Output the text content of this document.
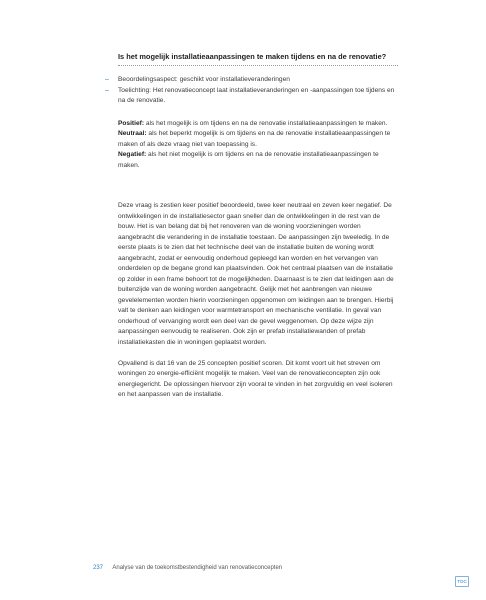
Is het mogelijk installatieaanpassingen te maken tijdens en na de renovatie?
– Beoordelingsaspect: geschikt voor installatieveranderingen
– Toelichting: Het renovatieconcept laat installatieveranderingen en -aanpassingen toe tijdens en na de renovatie.

Positief: als het mogelijk is om tijdens en na de renovatie installatieaanpassingen te maken.

Neutraal: als het beperkt mogelijk is om tijdens en na de renovatie installatieaanpassingen te maken of als deze vraag niet van toepassing is.

Negatief: als het niet mogelijk is om tijdens en na de renovatie installatieaanpassingen te maken.

Deze vraag is zestien keer positief beoordeeld, twee keer neutraal en zeven keer negatief. De ontwikkelingen in de installatiesector gaan sneller dan de ontwikkelingen in de rest van de bouw. Het is van belang dat bij het renoveren van de woning voorzieningen worden aangebracht die verandering in de installatie toestaan. De aanpassingen zijn tweeledig. In de eerste plaats is te zien dat het technische deel van de installatie buiten de woning wordt aangebracht, zodat er eenvoudig onderhoud gepleegd kan worden en het vervangen van onderdelen op de begane grond kan plaatsvinden. Ook het centraal plaatsen van de installatie op zolder in een frame behoort tot de mogelijkheden. Daarnaast is te zien dat leidingen aan de buitenzijde van de woning worden aangebracht. Gelijk met het aanbrengen van nieuwe gevelelementen worden hierin voorzieningen opgenomen om leidingen aan te brengen. Hierbij valt te denken aan leidingen voor warmtetransport en mechanische ventilatie. In geval van onderhoud of vervanging wordt een deel van de gevel weggenomen. Op deze wijze zijn aanpassingen eenvoudig te realiseren. Ook zijn er prefab installatiewanden of prefab installatiekasten die in woningen geplaatst worden.

Opvallend is dat 16 van de 25 concepten positief scoren. Dit komt voort uit het streven om woningen zo energie-efficiënt mogelijk te maken. Veel van de renovatieconcepten zijn ook energiegericht. De oplossingen hiervoor zijn vooral te vinden in het zorgvuldig en veel isoleren en het aanpassen van de installatie.

237 Analyse van de toekomstbestendigheid van renovatieconcepten
TOC
